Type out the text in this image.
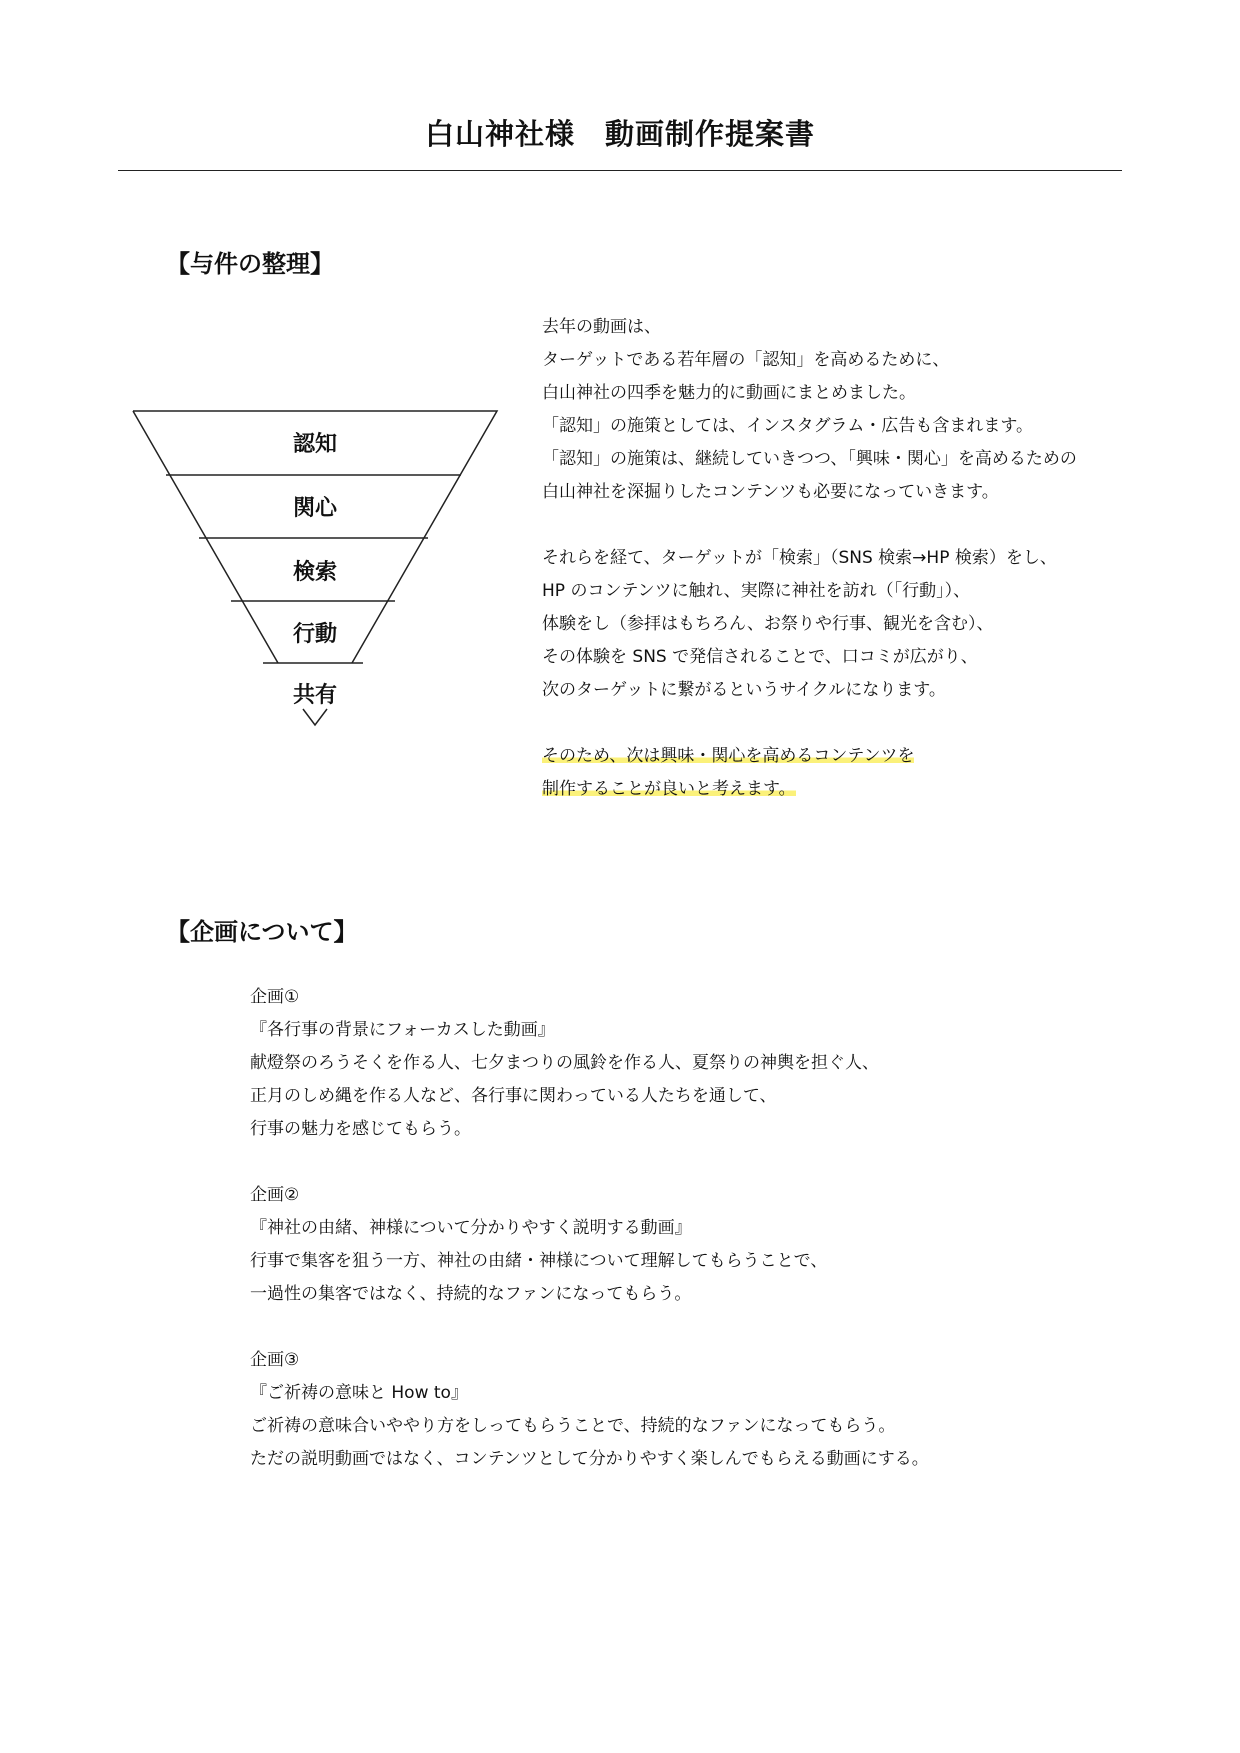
白山神社様　動画制作提案書
【与件の整理】
認知
関心
検索
行動
共有
去年の動画は、
ターゲットである若年層の「認知」を高めるために、
白山神社の四季を魅力的に動画にまとめました。
「認知」の施策としては、インスタグラム・広告も含まれます。
「認知」の施策は、継続していきつつ、「興味・関心」を高めるための
白山神社を深掘りしたコンテンツも必要になっていきます。
それらを経て、ターゲットが「検索」（SNS 検索→HP 検索）をし、
HP のコンテンツに触れ、実際に神社を訪れ（「行動」）、
体験をし（参拝はもちろん、お祭りや行事、観光を含む）、
その体験を SNS で発信されることで、口コミが広がり、
次のターゲットに繋がるというサイクルになります。
そのため、次は興味・関心を高めるコンテンツを
制作することが良いと考えます。
【企画について】
企画①
『各行事の背景にフォーカスした動画』
献燈祭のろうそくを作る人、七夕まつりの風鈴を作る人、夏祭りの神輿を担ぐ人、
正月のしめ縄を作る人など、各行事に関わっている人たちを通して、
行事の魅力を感じてもらう。
企画②
『神社の由緒、神様について分かりやすく説明する動画』
行事で集客を狙う一方、神社の由緒・神様について理解してもらうことで、
一過性の集客ではなく、持続的なファンになってもらう。
企画③
『ご祈祷の意味と How to』
ご祈祷の意味合いややり方をしってもらうことで、持続的なファンになってもらう。
ただの説明動画ではなく、コンテンツとして分かりやすく楽しんでもらえる動画にする。
